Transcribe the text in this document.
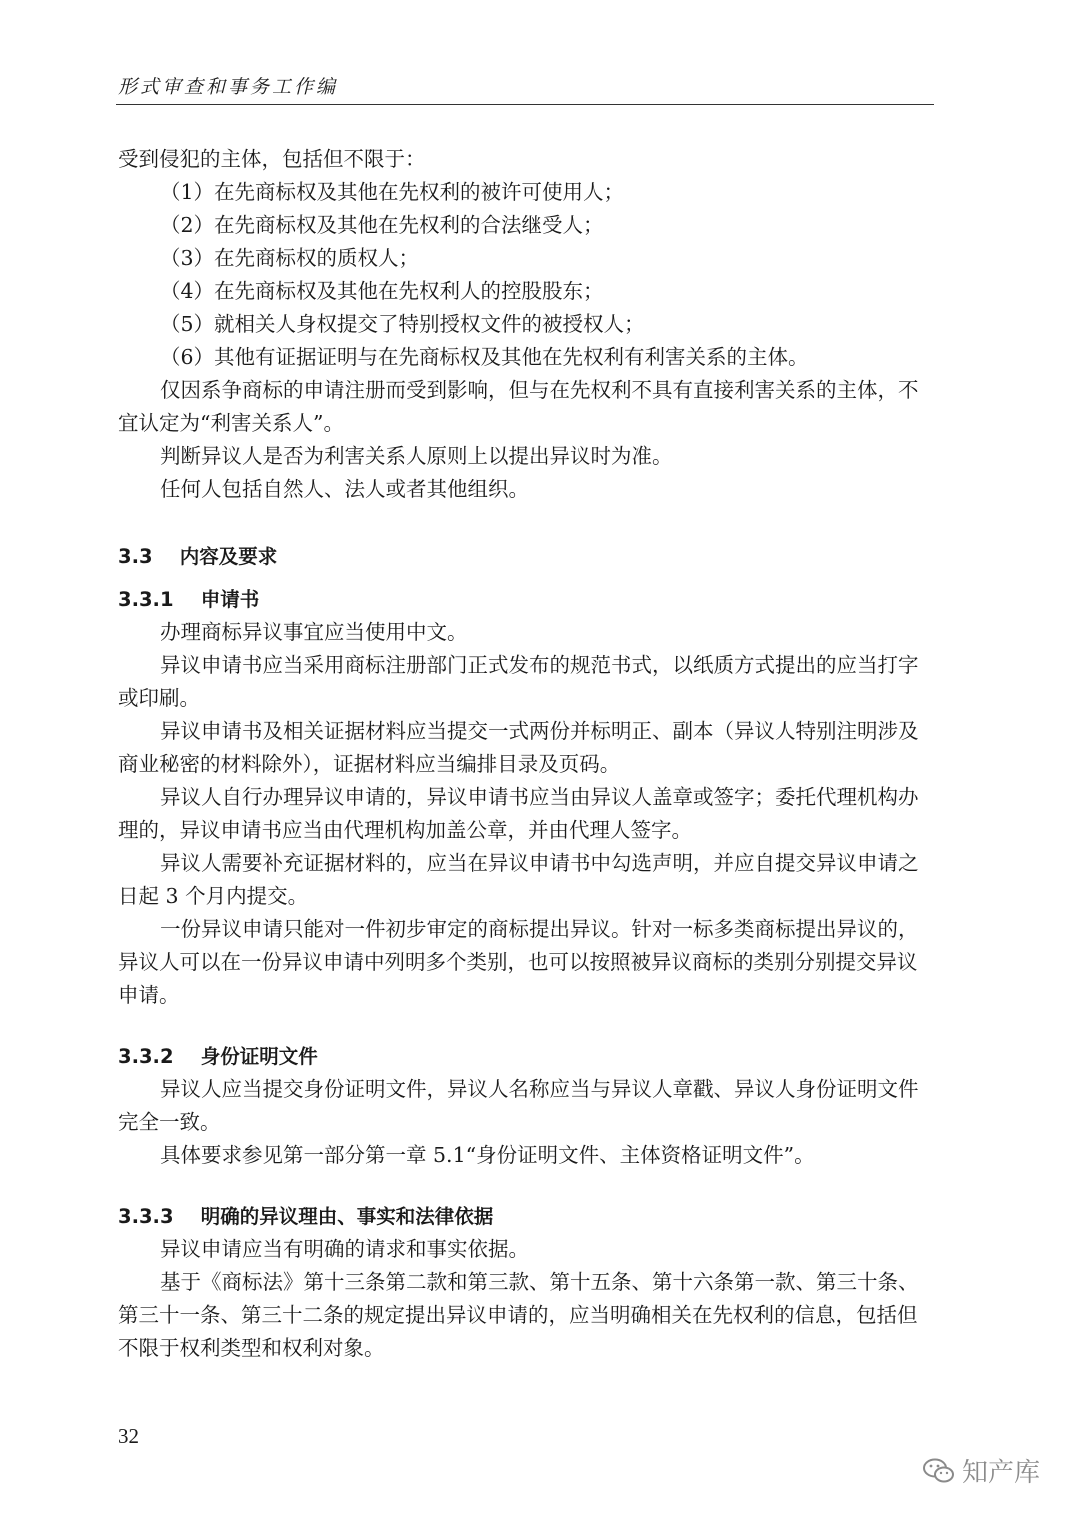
形式审查和事务工作编

受到侵犯的主体，包括但不限于：

（1）在先商标权及其他在先权利的被许可使用人；

（2）在先商标权及其他在先权利的合法继受人；

（3）在先商标权的质权人；

（4）在先商标权及其他在先权利人的控股股东；

（5）就相关人身权提交了特别授权文件的被授权人；

（6）其他有证据证明与在先商标权及其他在先权利有利害关系的主体。

仅因系争商标的申请注册而受到影响，但与在先权利不具有直接利害关系的主体，不宜认定为“利害关系人”。

判断异议人是否为利害关系人原则上以提出异议时为准。

任何人包括自然人、法人或者其他组织。

3.3 内容及要求

3.3.1 申请书

办理商标异议事宜应当使用中文。

异议申请书应当采用商标注册部门正式发布的规范书式，以纸质方式提出的应当打字或印刷。

异议申请书及相关证据材料应当提交一式两份并标明正、副本（异议人特别注明涉及商业秘密的材料除外），证据材料应当编排目录及页码。

异议人自行办理异议申请的，异议申请书应当由异议人盖章或签字；委托代理机构办理的，异议申请书应当由代理机构加盖公章，并由代理人签字。

异议人需要补充证据材料的，应当在异议申请书中勾选声明，并应自提交异议申请之日起 3 个月内提交。

一份异议申请只能对一件初步审定的商标提出异议。针对一标多类商标提出异议的，异议人可以在一份异议申请中列明多个类别，也可以按照被异议商标的类别分别提交异议申请。

3.3.2 身份证明文件

异议人应当提交身份证明文件，异议人名称应当与异议人章戳、异议人身份证明文件完全一致。

具体要求参见第一部分第一章 5.1“身份证明文件、主体资格证明文件”。

3.3.3 明确的异议理由、事实和法律依据

异议申请应当有明确的请求和事实依据。

基于《商标法》第十三条第二款和第三款、第十五条、第十六条第一款、第三十条、第三十一条、第三十二条的规定提出异议申请的，应当明确相关在先权利的信息，包括但不限于权利类型和权利对象。

32
知产库
